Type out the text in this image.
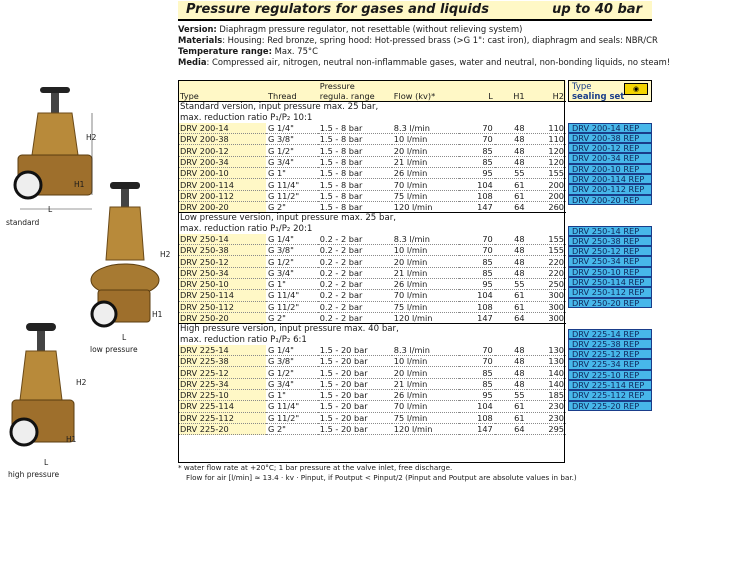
Pressure regulators for gases and liquids	up to 40 bar
Version: Diaphragm pressure regulator, not resettable (without relieving system)
Materials: Housing: Red bronze, spring hood: Hot-pressed brass (>G 1": cast iron), diaphragm and seals: NBR/CR
Temperature range: Max. 75°C
Media: Compressed air, nitrogen, neutral non-inflammable gases, water and neutral, non-bonding liquids, no steam!
H2
H1
L
standard
H2
H1
L
low pressure
H2
H1
L
high pressure
		Pressure				
Type	Thread	regula. range	Flow (kv)*	L	H1	H2
Standard version, input pressure max. 25 bar,						
max. reduction ratio P₁/P₂ 10:1						
DRV 200-14	G 1/4"	1.5 - 8 bar	8.3 l/min	70	48	110
DRV 200-38	G 3/8"	1.5 - 8 bar	10 l/min	70	48	110
DRV 200-12	G 1/2"	1.5 - 8 bar	20 l/min	85	48	120
DRV 200-34	G 3/4"	1.5 - 8 bar	21 l/min	85	48	120
DRV 200-10	G 1"	1.5 - 8 bar	26 l/min	95	55	155
DRV 200-114	G 11/4"	1.5 - 8 bar	70 l/min	104	61	200
DRV 200-112	G 11/2"	1.5 - 8 bar	75 l/min	108	61	200
DRV 200-20	G 2"	1.5 - 8 bar	120 l/min	147	64	260
Low pressure version, input pressure max. 25 bar,						
max. reduction ratio P₁/P₂ 20:1						
DRV 250-14	G 1/4"	0.2 - 2 bar	8.3 l/min	70	48	155
DRV 250-38	G 3/8"	0.2 - 2 bar	10 l/min	70	48	155
DRV 250-12	G 1/2"	0.2 - 2 bar	20 l/min	85	48	220
DRV 250-34	G 3/4"	0.2 - 2 bar	21 l/min	85	48	220
DRV 250-10	G 1"	0.2 - 2 bar	26 l/min	95	55	250
DRV 250-114	G 11/4"	0.2 - 2 bar	70 l/min	104	61	300
DRV 250-112	G 11/2"	0.2 - 2 bar	75 l/min	108	61	300
DRV 250-20	G 2"	0.2 - 2 bar	120 l/min	147	64	300
High pressure version, input pressure max. 40 bar,						
max. reduction ratio P₁/P₂ 6:1						
DRV 225-14	G 1/4"	1.5 - 20 bar	8.3 l/min	70	48	130
DRV 225-38	G 3/8"	1.5 - 20 bar	10 l/min	70	48	130
DRV 225-12	G 1/2"	1.5 - 20 bar	20 l/min	85	48	140
DRV 225-34	G 3/4"	1.5 - 20 bar	21 l/min	85	48	140
DRV 225-10	G 1"	1.5 - 20 bar	26 l/min	95	55	185
DRV 225-114	G 11/4"	1.5 - 20 bar	70 l/min	104	61	230
DRV 225-112	G 11/2"	1.5 - 20 bar	75 l/min	108	61	230
DRV 225-20	G 2"	1.5 - 20 bar	120 l/min	147	64	295
Type
sealing set
◉
DRV 200-14 REP
DRV 200-38 REP
DRV 200-12 REP
DRV 200-34 REP
DRV 200-10 REP
DRV 200-114 REP
DRV 200-112 REP
DRV 200-20 REP
DRV 250-14 REP
DRV 250-38 REP
DRV 250-12 REP
DRV 250-34 REP
DRV 250-10 REP
DRV 250-114 REP
DRV 250-112 REP
DRV 250-20 REP
DRV 225-14 REP
DRV 225-38 REP
DRV 225-12 REP
DRV 225-34 REP
DRV 225-10 REP
DRV 225-114 REP
DRV 225-112 REP
DRV 225-20 REP
* water flow rate at +20°C; 1 bar pressure at the valve inlet, free discharge.
Flow for air [l/min] ≈ 13.4 · kv · Pinput, if Poutput < Pinput/2 (Pinput and Poutput are absolute values in bar.)
